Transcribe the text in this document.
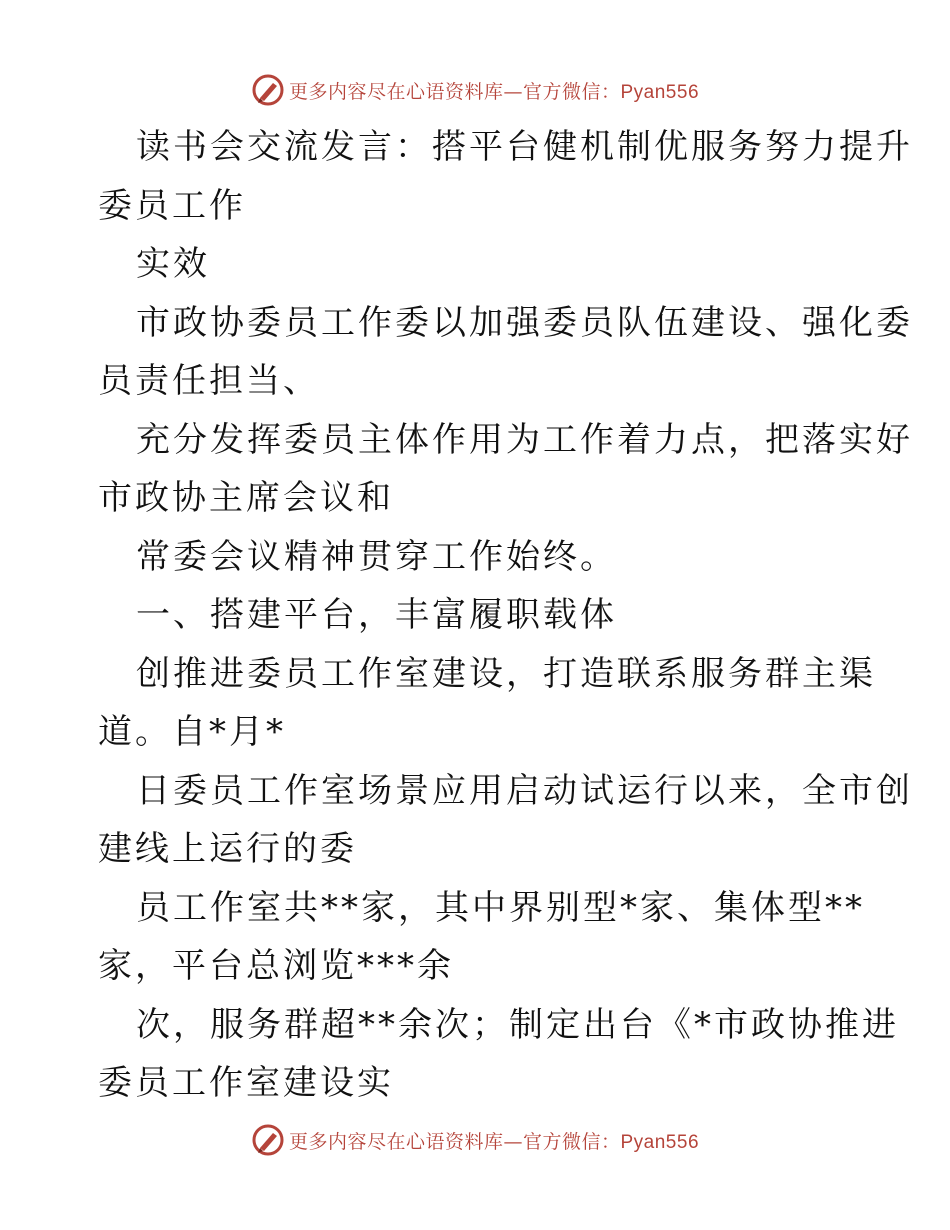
更多内容尽在心语资料库—官方微信：Pyan556
读书会交流发言：搭平台健机制优服务努力提升
委员工作
实效
市政协委员工作委以加强委员队伍建设、强化委
员责任担当、
充分发挥委员主体作用为工作着力点，把落实好
市政协主席会议和
常委会议精神贯穿工作始终。
一、搭建平台，丰富履职载体
创推进委员工作室建设，打造联系服务群主渠
道。自*月*
日委员工作室场景应用启动试运行以来，全市创
建线上运行的委
员工作室共**家，其中界别型*家、集体型**
家，平台总浏览***余
次，服务群超**余次；制定出台《*市政协推进
委员工作室建设实
更多内容尽在心语资料库—官方微信：Pyan556
